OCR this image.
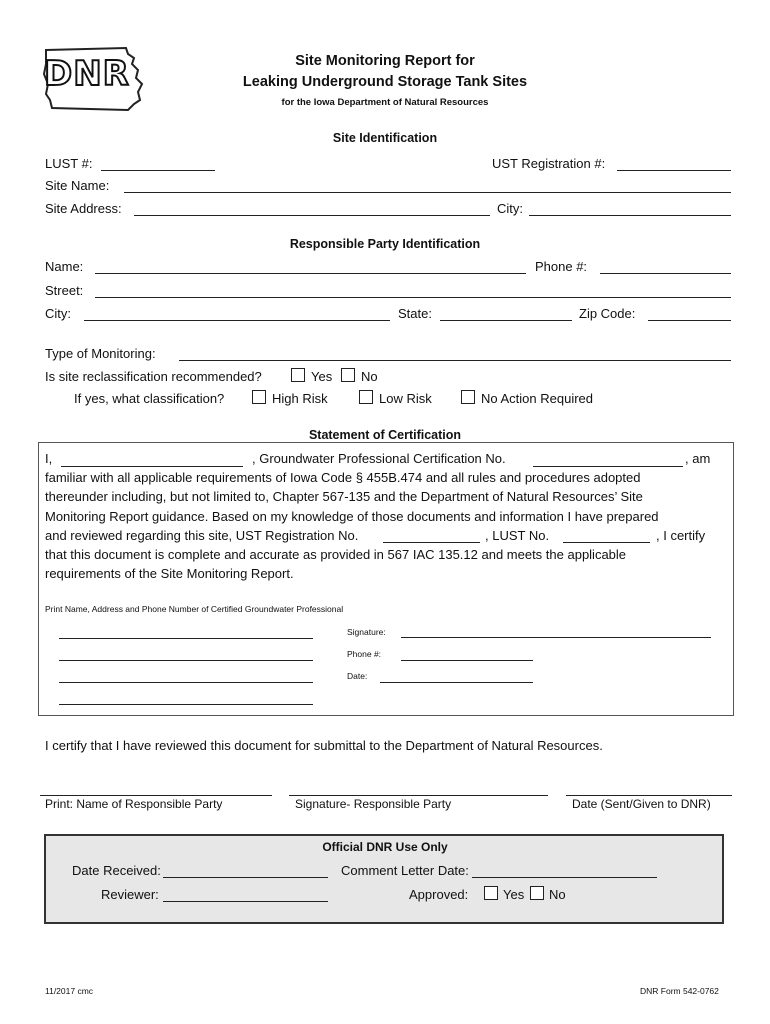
DNR	Site Monitoring Report for
Leaking Underground Storage Tank Sites
for the Iowa Department of Natural Resources
Site Identification
LUST #:	UST Registration #:
Site Name:
Site Address:	City:
Responsible Party Identification
Name:	Phone #:
Street:
City:	State:	Zip Code:
Type of Monitoring:
Is site reclassification recommended?	Yes No
If yes, what classification?	High Risk	Low Risk	No Action Required
Statement of Certification
I,	, Groundwater Professional Certification No.	, am
familiar with all applicable requirements of Iowa Code § 455B.474 and all rules and procedures adopted
thereunder including, but not limited to, Chapter 567-135 and the Department of Natural Resources’ Site
Monitoring Report guidance. Based on my knowledge of those documents and information I have prepared
and reviewed regarding this site, UST Registration No.	, LUST No.	, I certify
that this document is complete and accurate as provided in 567 IAC 135.12 and meets the applicable
requirements of the Site Monitoring Report.
Print Name, Address and Phone Number of Certified Groundwater Professional
Signature:
Phone #:
Date:
I certify that I have reviewed this document for submittal to the Department of Natural Resources.
Print: Name of Responsible Party	Signature- Responsible Party	Date (Sent/Given to DNR)
Official DNR Use Only
Date Received:	Comment Letter Date:
Reviewer:	Approved:	Yes No
11/2017 cmc	DNR Form 542-0762
